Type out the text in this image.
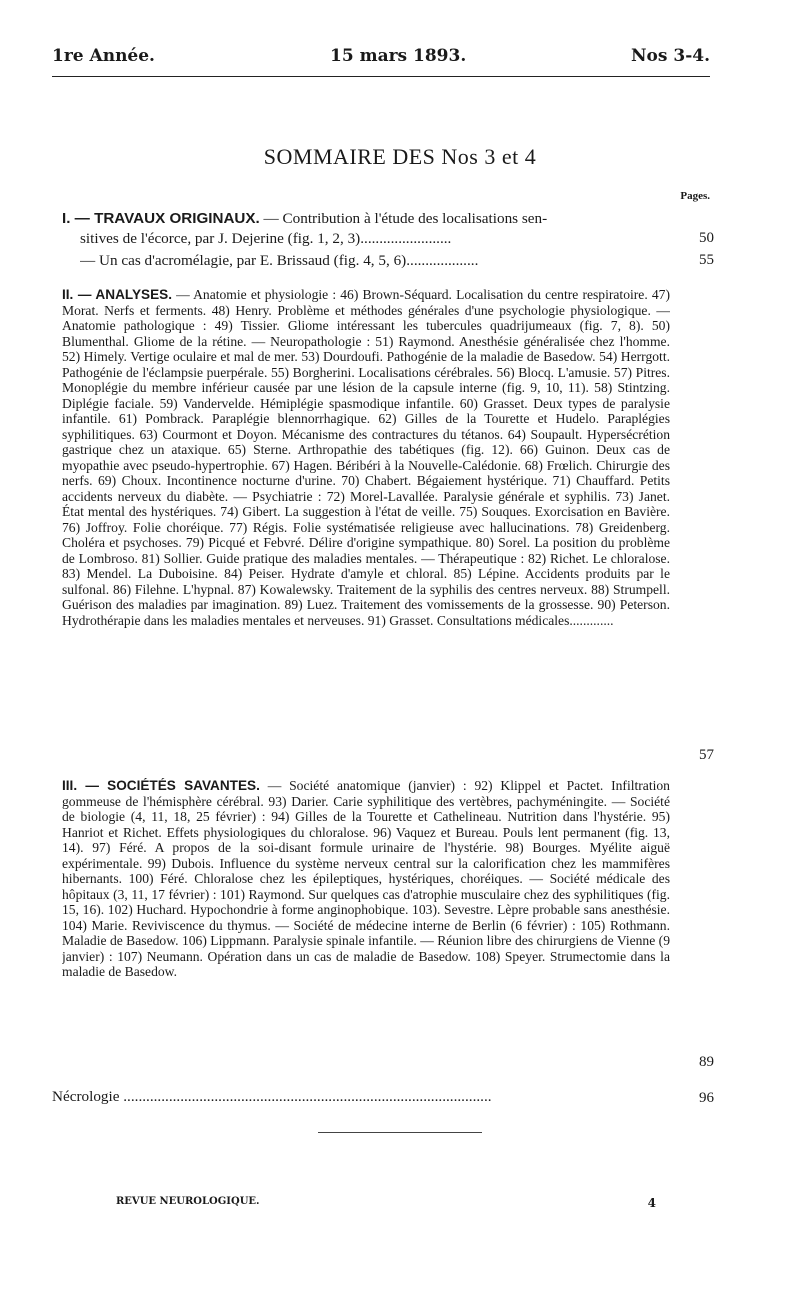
1re Année.	15 mars 1893.	Nos 3-4.
SOMMAIRE DES Nos 3 et 4
Pages.

I. — TRAVAUX ORIGINAUX. — Contribution à l'étude des localisations sen-

sitives de l'écorce, par J. Dejerine (fig. 1, 2, 3)........................	50
— Un cas d'acromélagie, par E. Brissaud (fig. 4, 5, 6)...................	55

II. — ANALYSES. — Anatomie et physiologie : 46) Brown-Séquard. Localisation du centre respiratoire. 47) Morat. Nerfs et ferments. 48) Henry. Problème et méthodes générales d'une psychologie physiologique. — Anatomie pathologique : 49) Tissier. Gliome intéressant les tubercules quadrijumeaux (fig. 7, 8). 50) Blumenthal. Gliome de la rétine. — Neuropathologie : 51) Raymond. Anesthésie généralisée chez l'homme. 52) Himely. Vertige oculaire et mal de mer. 53) Dourdoufi. Pathogénie de la maladie de Basedow. 54) Herrgott. Pathogénie de l'éclampsie puerpérale. 55) Borgherini. Localisations cérébrales. 56) Blocq. L'amusie. 57) Pitres. Monoplégie du membre inférieur causée par une lésion de la capsule interne (fig. 9, 10, 11). 58) Stintzing. Diplégie faciale. 59) Vandervelde. Hémiplégie spasmodique infantile. 60) Grasset. Deux types de paralysie infantile. 61) Pombrack. Paraplégie blennorrhagique. 62) Gilles de la Tourette et Hudelo. Paraplégies syphilitiques. 63) Courmont et Doyon. Mécanisme des contractures du tétanos. 64) Soupault. Hypersécrétion gastrique chez un ataxique. 65) Sterne. Arthropathie des tabétiques (fig. 12). 66) Guinon. Deux cas de myopathie avec pseudo-hypertrophie. 67) Hagen. Béribéri à la Nouvelle-Calédonie. 68) Frœlich. Chirurgie des nerfs. 69) Choux. Incontinence nocturne d'urine. 70) Chabert. Bégaiement hystérique. 71) Chauffard. Petits accidents nerveux du diabète. — Psychiatrie : 72) Morel-Lavallée. Paralysie générale et syphilis. 73) Janet. État mental des hystériques. 74) Gibert. La suggestion à l'état de veille. 75) Souques. Exorcisation en Bavière. 76) Joffroy. Folie choréique. 77) Régis. Folie systématisée religieuse avec hallucinations. 78) Greidenberg. Choléra et psychoses. 79) Picqué et Febvré. Délire d'origine sympathique. 80) Sorel. La position du problème de Lombroso. 81) Sollier. Guide pratique des maladies mentales. — Thérapeutique : 82) Richet. Le chloralose. 83) Mendel. La Duboisine. 84) Peiser. Hydrate d'amyle et chloral. 85) Lépine. Accidents produits par le sulfonal. 86) Filehne. L'hypnal. 87) Kowalewsky. Traitement de la syphilis des centres nerveux. 88) Strumpell. Guérison des maladies par imagination. 89) Luez. Traitement des vomissements de la grossesse. 90) Peterson. Hydrothérapie dans les maladies mentales et nerveuses. 91) Grasset. Consultations médicales.............

57

III. — SOCIÉTÉS SAVANTES. — Société anatomique (janvier) : 92) Klippel et Pactet. Infiltration gommeuse de l'hémisphère cérébral. 93) Darier. Carie syphilitique des vertèbres, pachyméningite. — Société de biologie (4, 11, 18, 25 février) : 94) Gilles de la Tourette et Cathelineau. Nutrition dans l'hystérie. 95) Hanriot et Richet. Effets physiologiques du chloralose. 96) Vaquez et Bureau. Pouls lent permanent (fig. 13, 14). 97) Féré. A propos de la soi-disant formule urinaire de l'hystérie. 98) Bourges. Myélite aiguë expérimentale. 99) Dubois. Influence du système nerveux central sur la calorification chez les mammifères hibernants. 100) Féré. Chloralose chez les épileptiques, hystériques, choréiques. — Société médicale des hôpitaux (3, 11, 17 février) : 101) Raymond. Sur quelques cas d'atrophie musculaire chez des syphilitiques (fig. 15, 16). 102) Huchard. Hypochondrie à forme anginophobique. 103). Sevestre. Lèpre probable sans anesthésie. 104) Marie. Reviviscence du thymus. — Société de médecine interne de Berlin (6 février) : 105) Rothmann. Maladie de Basedow. 106) Lippmann. Paralysie spinale infantile. — Réunion libre des chirurgiens de Vienne (9 janvier) : 107) Neumann. Opération dans un cas de maladie de Basedow. 108) Speyer. Strumectomie dans la maladie de Basedow.

89
Nécrologie .................................................................................................	96
REVUE NEUROLOGIQUE.	4
